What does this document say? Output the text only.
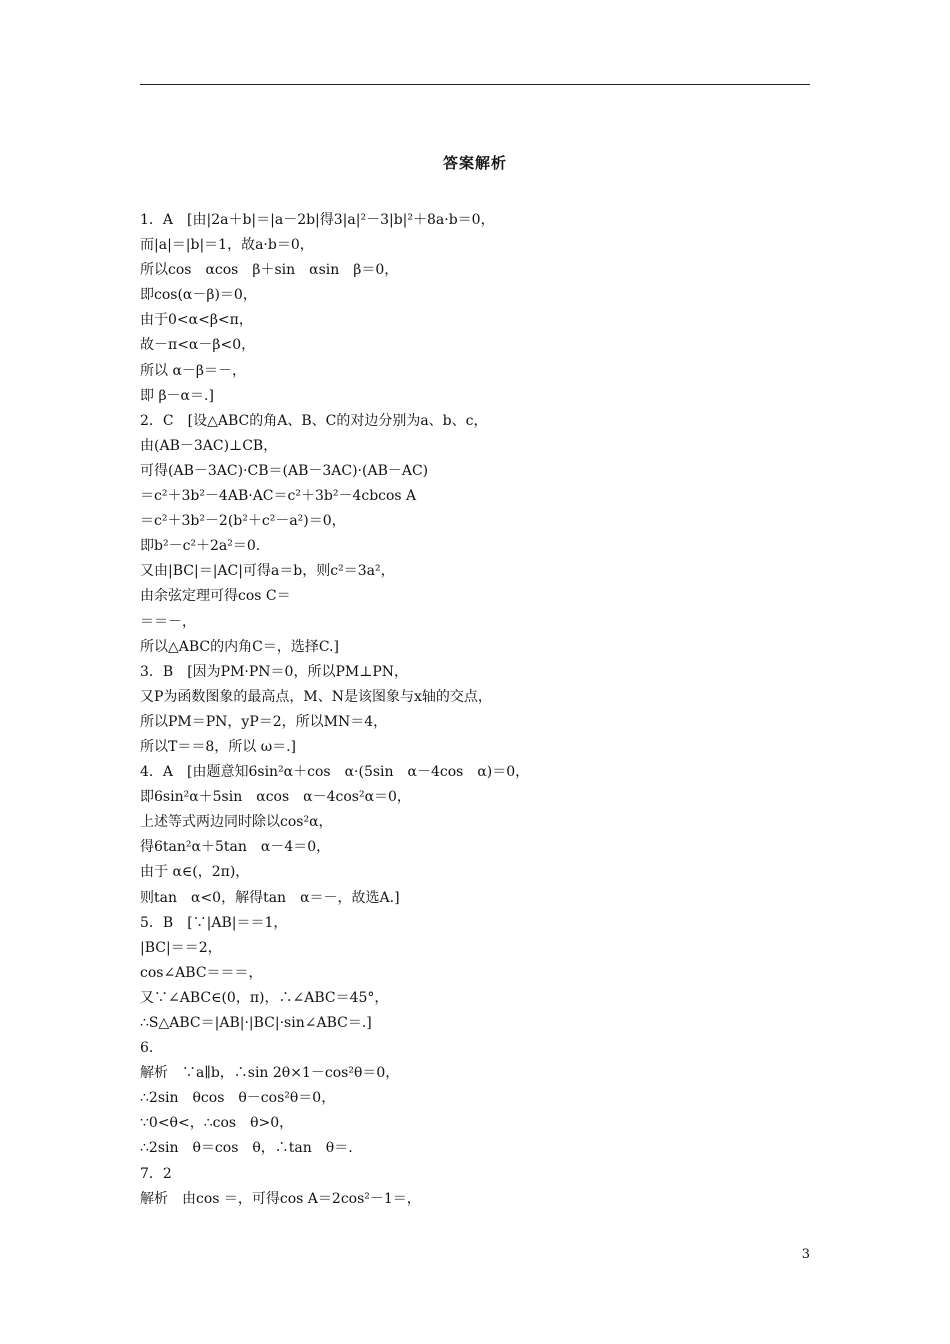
答案解析
1．A　[由|2a＋b|＝|a－2b|得3|a|²－3|b|²＋8a·b＝0，
而|a|＝|b|＝1，故a·b＝0，
所以cos　αcos　β＋sin　αsin　β＝0，
即cos(α－β)＝0，
由于0<α<β<π，
故－π<α－β<0，
所以 α－β＝－，
即 β－α＝.]
2．C　[设△ABC的角A、B、C的对边分别为a、b、c，
由(AB－3AC)⊥CB，
可得(AB－3AC)·CB＝(AB－3AC)·(AB－AC)
＝c²＋3b²－4AB·AC＝c²＋3b²－4cbcos A
＝c²＋3b²－2(b²＋c²－a²)＝0，
即b²－c²＋2a²＝0.
又由|BC|＝|AC|可得a＝b，则c²＝3a²，
由余弦定理可得cos C＝
＝＝－，
所以△ABC的内角C＝，选择C.]
3．B　[因为PM·PN＝0，所以PM⊥PN，
又P为函数图象的最高点，M、N是该图象与x轴的交点，
所以PM＝PN，yP＝2，所以MN＝4，
所以T＝＝8，所以 ω＝.]
4．A　[由题意知6sin²α＋cos　α·(5sin　α－4cos　α)＝0，
即6sin²α＋5sin　αcos　α－4cos²α＝0，
上述等式两边同时除以cos²α，
得6tan²α＋5tan　α－4＝0，
由于 α∈(，2π)，
则tan　α<0，解得tan　α＝－，故选A.]
5．B　[∵|AB|＝＝1，
|BC|＝＝2，
cos∠ABC＝＝＝，
又∵∠ABC∈(0，π)，∴∠ABC＝45°，
∴S△ABC＝|AB|·|BC|·sin∠ABC＝.]
6.
解析　∵a∥b，∴sin 2θ×1－cos²θ＝0，
∴2sin　θcos　θ－cos²θ＝0，
∵0<θ<，∴cos　θ>0，
∴2sin　θ＝cos　θ，∴tan　θ＝.
7．2
解析　由cos ＝，可得cos A＝2cos²－1＝，
3
